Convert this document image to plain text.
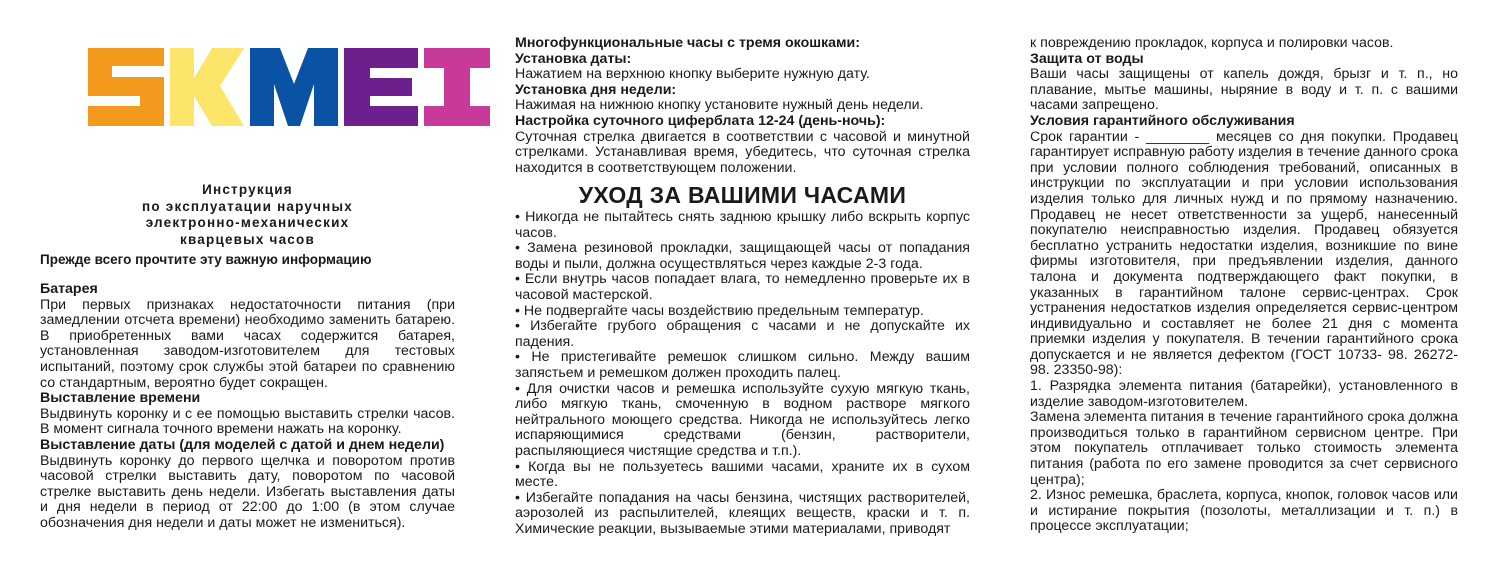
Инструкция
по эксплуатации наручных
электронно-механических
кварцевых часов
Прежде всего прочтите эту важную информацию

Батарея

При первых признаках недостаточности питания (при замедлении отсчета времени) необходимо заменить батарею. В приобретенных вами часах содержится батарея, установленная заводом-изготовителем для тестовых испытаний, поэтому срок службы этой батареи по сравнению со стандартным, вероятно будет сокращен.

Выставление времени

Выдвинуть коронку и с ее помощью выставить стрелки часов. В момент сигнала точного времени нажать на коронку.

Выставление даты (для моделей с датой и днем недели)

Выдвинуть коронку до первого щелчка и поворотом против часовой стрелки выставить дату, поворотом по часовой стрелке выставить день недели. Избегать выставления даты и дня недели в период от 22:00 до 1:00 (в этом случае обозначения дня недели и даты может не измениться).

Многофункциональные часы с тремя окошками:

Установка даты:

Нажатием на верхнюю кнопку выберите нужную дату.

Установка дня недели:

Нажимая на нижнюю кнопку установите нужный день недели.

Настройка суточного циферблата 12-24 (день-ночь):

Суточная стрелка двигается в соответствии с часовой и минутной стрелками. Устанавливая время, убедитесь, что суточная стрелка находится в соответствующем положении.

УХОД ЗА ВАШИМИ ЧАСАМИ

• Никогда не пытайтесь снять заднюю крышку либо вскрыть корпус часов.

• Замена резиновой прокладки, защищающей часы от попадания воды и пыли, должна осуществляться через каждые 2-3 года.

• Если внутрь часов попадает влага, то немедленно проверьте их в часовой мастерской.

• Не подвергайте часы воздействию предельным температур.

• Избегайте грубого обращения с часами и не допускайте их падения.

• Не пристегивайте ремешок слишком сильно. Между вашим запястьем и ремешком должен проходить палец.

• Для очистки часов и ремешка используйте сухую мягкую ткань, либо мягкую ткань, смоченную в водном растворе мягкого нейтрального моющего средства. Никогда не используйтесь легко испаряющимися средствами (бензин, растворители, распыляющиеся чистящие средства и т.п.).

• Когда вы не пользуетесь вашими часами, храните их в сухом месте.

• Избегайте попадания на часы бензина, чистящих растворителей, аэрозолей из распылителей, клеящих веществ, краски и т. п. Химические реакции, вызываемые этими материалами, приводят

к повреждению прокладок, корпуса и полировки часов.

Защита от воды

Ваши часы защищены от капель дождя, брызг и т. п., но плавание, мытье машины, ныряние в воду и т. п. с вашими часами запрещено.

Условия гарантийного обслуживания

Срок гарантии - ________ месяцев со дня покупки. Продавец гарантирует исправную работу изделия в течение данного срока при условии полного соблюдения требований, описанных в инструкции по эксплуатации и при условии использования изделия только для личных нужд и по прямому назначению. Продавец не несет ответственности за ущерб, нанесенный покупателю неисправностью изделия. Продавец обязуется бесплатно устранить недостатки изделия, возникшие по вине фирмы изготовителя, при предъявлении изделия, данного талона и документа подтверждающего факт покупки, в указанных в гарантийном талоне сервис-центрах. Срок устранения недостатков изделия определяется сервис-центром индивидуально и составляет не более 21 дня с момента приемки изделия у покупателя. В течении гарантийного срока допускается и не является дефектом (ГОСТ 10733- 98. 26272-98. 23350-98):

1. Разрядка элемента питания (батарейки), установленного в изделие заводом-изготовителем.

Замена элемента питания в течение гарантийного срока должна производиться только в гарантийном сервисном центре. При этом покупатель отплачивает только стоимость элемента питания (работа по его замене проводится за счет сервисного центра);

2. Износ ремешка, браслета, корпуса, кнопок, головок часов или и истирание покрытия (позолоты, металлизации и т. п.) в процессе эксплуатации;
